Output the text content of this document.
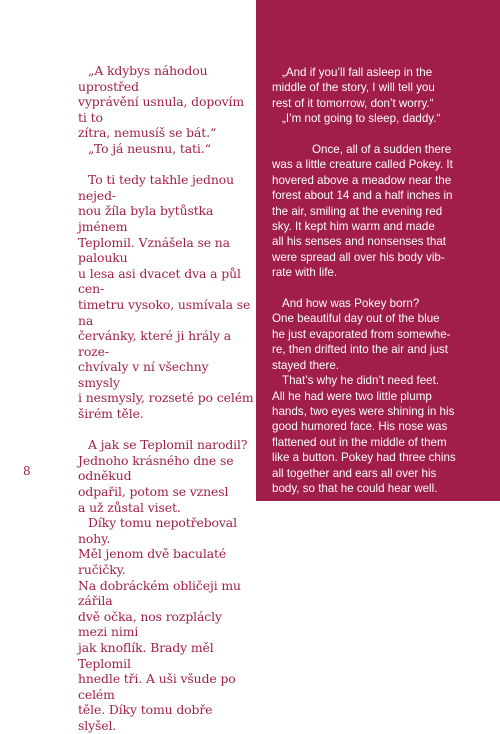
„A kdybys náhodou uprostřed
vyprávění usnula, dopovím ti to
zítra, nemusíš se bát.“

„To já neusnu, tati.“

To ti tedy takhle jednou nejed-
nou žíla byla bytůstka jménem
Teplomil. Vznášela se na palouku
u lesa asi dvacet dva a půl cen-
timetru vysoko, usmívala se na
červánky, které ji hrály a roze-
chvívaly v ní všechny smysly
i nesmysly, rozseté po celém
širém těle.

A jak se Teplomil narodil?
Jednoho krásného dne se odněkud
odpařil, potom se vznesl
a už zůstal viset.

Díky tomu nepotřeboval nohy.
Měl jenom dvě baculaté ručičky.
Na dobráckém obličeji mu zářila
dvě očka, nos rozplácly mezi nimi
jak knoflík. Brady měl Teplomil
hnedle tři. A uši všude po celém
těle. Díky tomu dobře slyšel.

„And if you’ll fall asleep in the
middle of the story, I will tell you
rest of it tomorrow, don’t worry.“

„I’m not going to sleep, daddy.“

Once, all of a sudden there
was a little creature called Pokey. It
hovered above a meadow near the
forest about 14 and a half inches in
the air, smiling at the evening red
sky. It kept him warm and made
all his senses and nonsenses that
were spread all over his body vib-
rate with life.

And how was Pokey born?
One beautiful day out of the blue
he just evaporated from somewhe-
re, then drifted into the air and just
stayed there.

That’s why he didn’t need feet.
All he had were two little plump
hands, two eyes were shining in his
good humored face. His nose was
flattened out in the middle of them
like a button. Pokey had three chins
all together and ears all over his
body, so that he could hear well.

8
